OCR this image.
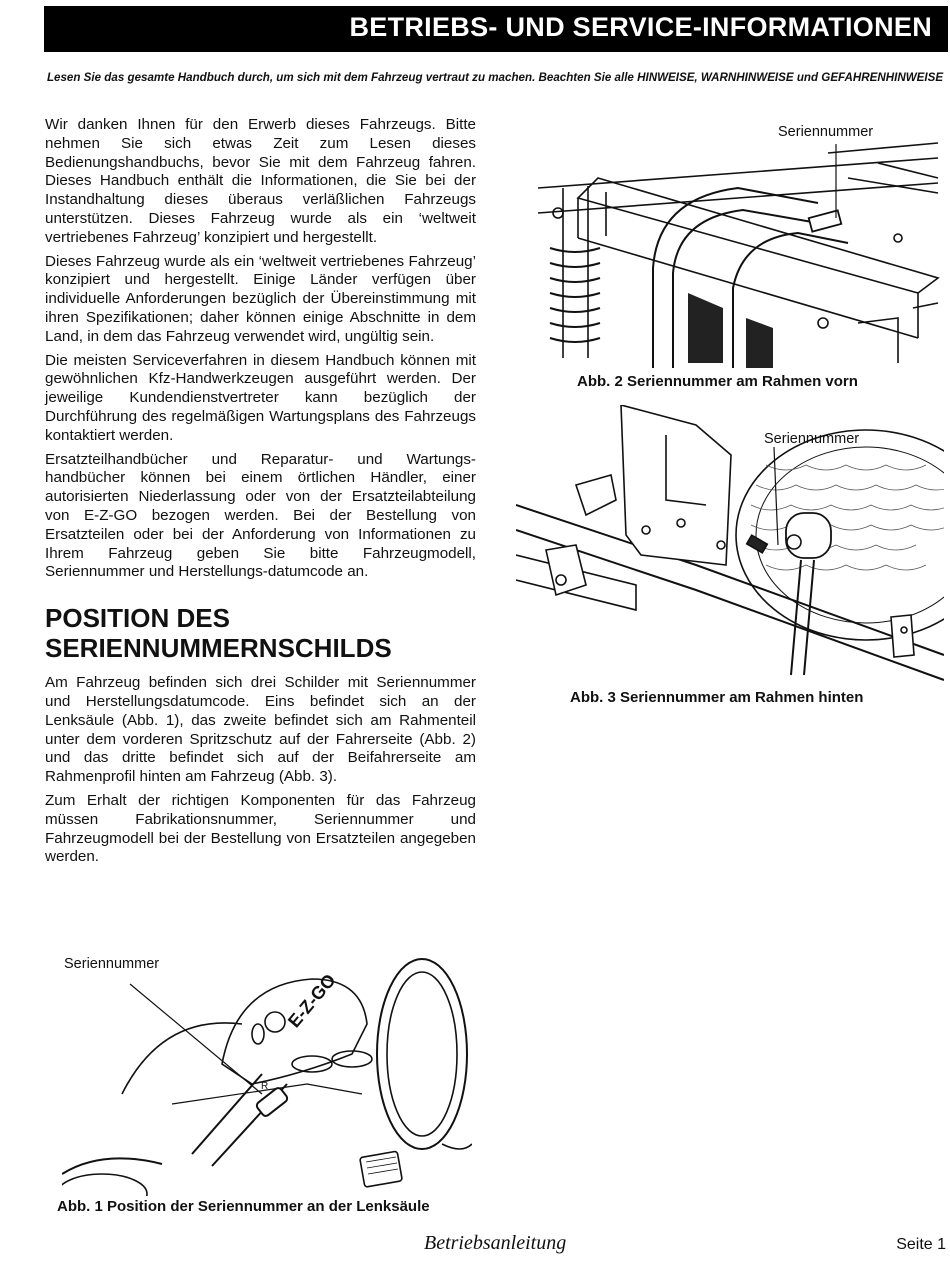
BETRIEBS- UND SERVICE-INFORMATIONEN
Lesen Sie das gesamte Handbuch durch, um sich mit dem Fahrzeug vertraut zu machen. Beachten Sie alle HINWEISE, WARNHINWEISE und GEFAHRENHINWEISE

Wir danken Ihnen für den Erwerb dieses Fahrzeugs. Bitte nehmen Sie sich etwas Zeit zum Lesen dieses Bedienungshandbuchs, bevor Sie mit dem Fahrzeug fahren. Dieses Handbuch enthält die Informationen, die Sie bei der Instandhaltung dieses überaus verläßlichen Fahrzeugs unterstützen. Dieses Fahrzeug wurde als ein ‘weltweit vertriebenes Fahrzeug’ konzipiert und hergestellt.

Dieses Fahrzeug wurde als ein ‘weltweit vertriebenes Fahrzeug’ konzipiert und hergestellt. Einige Länder verfügen über individuelle Anforderungen bezüglich der Übereinstimmung mit ihren Spezifikationen; daher können einige Abschnitte in dem Land, in dem das Fahrzeug verwendet wird, ungültig sein.

Die meisten Serviceverfahren in diesem Handbuch können mit gewöhnlichen Kfz-Handwerkzeugen ausgeführt werden. Der jeweilige Kundendienstvertreter kann bezüglich der Durchführung des regelmäßigen Wartungsplans des Fahrzeugs kontaktiert werden.

Ersatzteilhandbücher und Reparatur- und Wartungs-handbücher können bei einem örtlichen Händler, einer autorisierten Niederlassung oder von der Ersatzteilabteilung von E-Z-GO bezogen werden. Bei der Bestellung von Ersatzteilen oder bei der Anforderung von Informationen zu Ihrem Fahrzeug geben Sie bitte Fahrzeugmodell, Seriennummer und Herstellungs-datumcode an.

POSITION DES
SERIENNUMMERNSCHILDS

Am Fahrzeug befinden sich drei Schilder mit Seriennummer und Herstellungsdatumcode. Eins befindet sich an der Lenksäule (Abb. 1), das zweite befindet sich am Rahmenteil unter dem vorderen Spritzschutz auf der Fahrerseite (Abb. 2) und das dritte befindet sich auf der Beifahrerseite am Rahmenprofil hinten am Fahrzeug (Abb. 3).

Zum Erhalt der richtigen Komponenten für das Fahrzeug müssen Fabrikationsnummer, Seriennummer und Fahrzeugmodell bei der Bestellung von Ersatzteilen angegeben werden.

Seriennummer
Abb. 2 Seriennummer am Rahmen vorn
Seriennummer
Abb. 3 Seriennummer am Rahmen hinten
E-Z-GO
R
Seriennummer
Abb. 1 Position der Seriennummer an der Lenksäule
Betriebsanleitung	Seite 1
